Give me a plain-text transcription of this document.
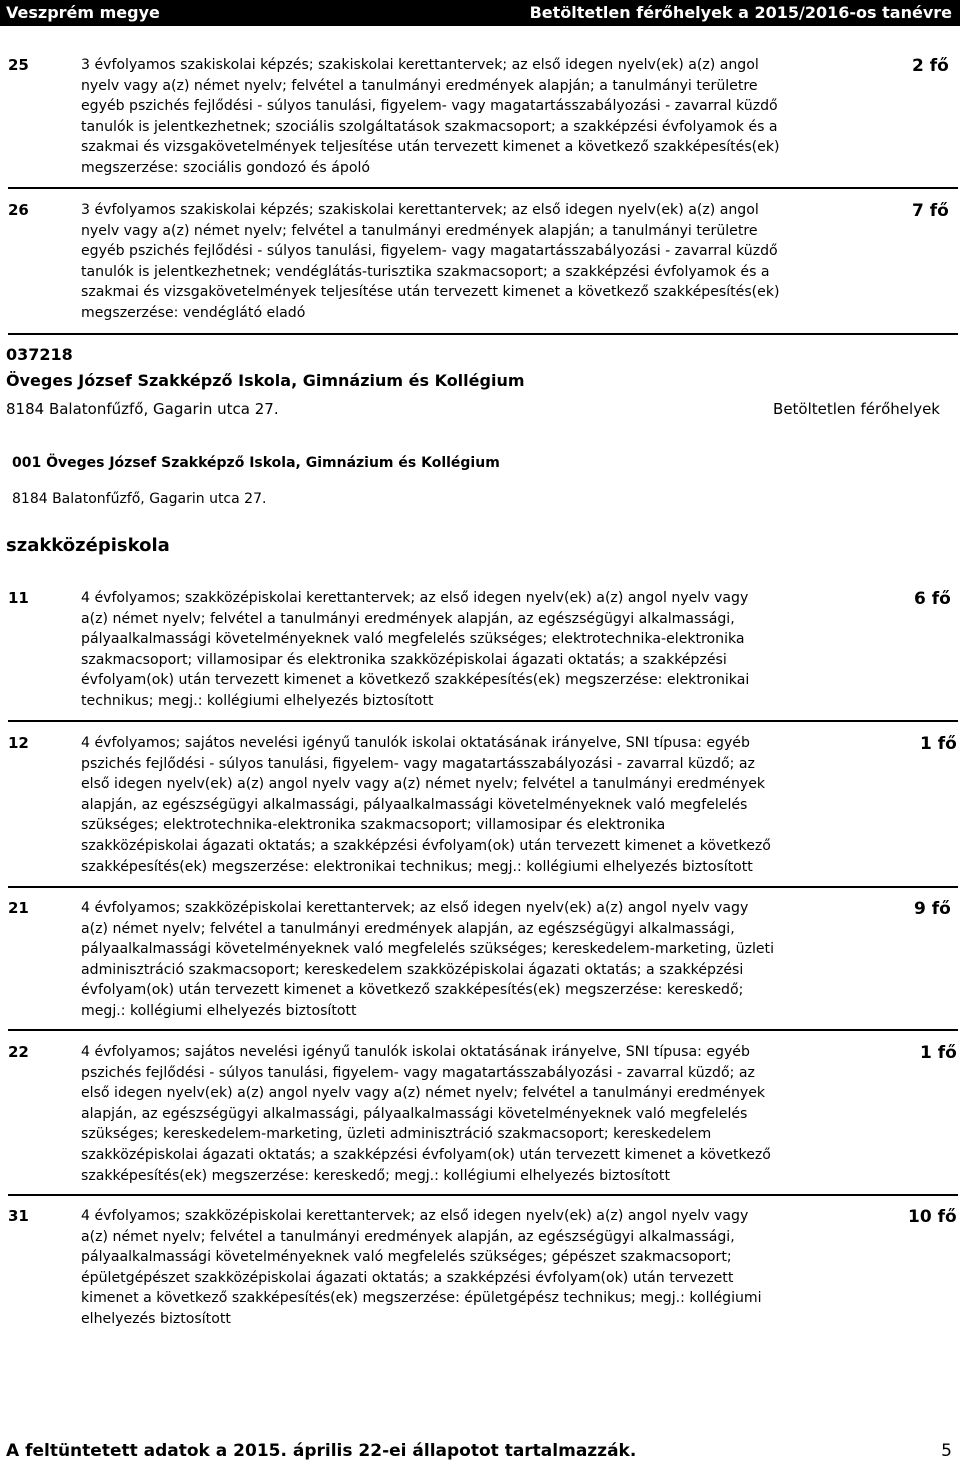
Veszprém megye	Betöltetlen férőhelyek a 2015/2016-os tanévre
25	3 évfolyamos szakiskolai képzés; szakiskolai kerettantervek; az első idegen nyelv(ek) a(z) angol
nyelv vagy a(z) német nyelv; felvétel a tanulmányi eredmények alapján; a tanulmányi területre
egyéb pszichés fejlődési - súlyos tanulási, figyelem- vagy magatartásszabályozási - zavarral küzdő
tanulók is jelentkezhetnek; szociális szolgáltatások szakmacsoport; a szakképzési évfolyamok és a
szakmai és vizsgakövetelmények teljesítése után tervezett kimenet a következő szakképesítés(ek)
megszerzése: szociális gondozó és ápoló
2 fő
26	3 évfolyamos szakiskolai képzés; szakiskolai kerettantervek; az első idegen nyelv(ek) a(z) angol
nyelv vagy a(z) német nyelv; felvétel a tanulmányi eredmények alapján; a tanulmányi területre
egyéb pszichés fejlődési - súlyos tanulási, figyelem- vagy magatartásszabályozási - zavarral küzdő
tanulók is jelentkezhetnek; vendéglátás-turisztika szakmacsoport; a szakképzési évfolyamok és a
szakmai és vizsgakövetelmények teljesítése után tervezett kimenet a következő szakképesítés(ek)
megszerzése: vendéglátó eladó
7 fő
037218
Öveges József Szakképző Iskola, Gimnázium és Kollégium
8184 Balatonfűzfő, Gagarin utca 27.	Betöltetlen férőhelyek
001 Öveges József Szakképző Iskola, Gimnázium és Kollégium
8184 Balatonfűzfő, Gagarin utca 27.
szakközépiskola
11	4 évfolyamos; szakközépiskolai kerettantervek; az első idegen nyelv(ek) a(z) angol nyelv vagy
a(z) német nyelv; felvétel a tanulmányi eredmények alapján, az egészségügyi alkalmassági,
pályaalkalmassági követelményeknek való megfelelés szükséges; elektrotechnika-elektronika
szakmacsoport; villamosipar és elektronika szakközépiskolai ágazati oktatás; a szakképzési
évfolyam(ok) után tervezett kimenet a következő szakképesítés(ek) megszerzése: elektronikai
technikus; megj.: kollégiumi elhelyezés biztosított
6 fő
12	4 évfolyamos; sajátos nevelési igényű tanulók iskolai oktatásának irányelve, SNI típusa: egyéb
pszichés fejlődési - súlyos tanulási, figyelem- vagy magatartásszabályozási - zavarral küzdő; az
első idegen nyelv(ek) a(z) angol nyelv vagy a(z) német nyelv; felvétel a tanulmányi eredmények
alapján, az egészségügyi alkalmassági, pályaalkalmassági követelményeknek való megfelelés
szükséges; elektrotechnika-elektronika szakmacsoport; villamosipar és elektronika
szakközépiskolai ágazati oktatás; a szakképzési évfolyam(ok) után tervezett kimenet a következő
szakképesítés(ek) megszerzése: elektronikai technikus; megj.: kollégiumi elhelyezés biztosított
1 fő
21	4 évfolyamos; szakközépiskolai kerettantervek; az első idegen nyelv(ek) a(z) angol nyelv vagy
a(z) német nyelv; felvétel a tanulmányi eredmények alapján, az egészségügyi alkalmassági,
pályaalkalmassági követelményeknek való megfelelés szükséges; kereskedelem-marketing, üzleti
adminisztráció szakmacsoport; kereskedelem szakközépiskolai ágazati oktatás; a szakképzési
évfolyam(ok) után tervezett kimenet a következő szakképesítés(ek) megszerzése: kereskedő;
megj.: kollégiumi elhelyezés biztosított
9 fő
22	4 évfolyamos; sajátos nevelési igényű tanulók iskolai oktatásának irányelve, SNI típusa: egyéb
pszichés fejlődési - súlyos tanulási, figyelem- vagy magatartásszabályozási - zavarral küzdő; az
első idegen nyelv(ek) a(z) angol nyelv vagy a(z) német nyelv; felvétel a tanulmányi eredmények
alapján, az egészségügyi alkalmassági, pályaalkalmassági követelményeknek való megfelelés
szükséges; kereskedelem-marketing, üzleti adminisztráció szakmacsoport; kereskedelem
szakközépiskolai ágazati oktatás; a szakképzési évfolyam(ok) után tervezett kimenet a következő
szakképesítés(ek) megszerzése: kereskedő; megj.: kollégiumi elhelyezés biztosított
1 fő
31	4 évfolyamos; szakközépiskolai kerettantervek; az első idegen nyelv(ek) a(z) angol nyelv vagy
a(z) német nyelv; felvétel a tanulmányi eredmények alapján, az egészségügyi alkalmassági,
pályaalkalmassági követelményeknek való megfelelés szükséges; gépészet szakmacsoport;
épületgépészet szakközépiskolai ágazati oktatás; a szakképzési évfolyam(ok) után tervezett
kimenet a következő szakképesítés(ek) megszerzése: épületgépész technikus; megj.: kollégiumi
elhelyezés biztosított
10 fő
A feltüntetett adatok a 2015. április 22-ei állapotot tartalmazzák.	5
